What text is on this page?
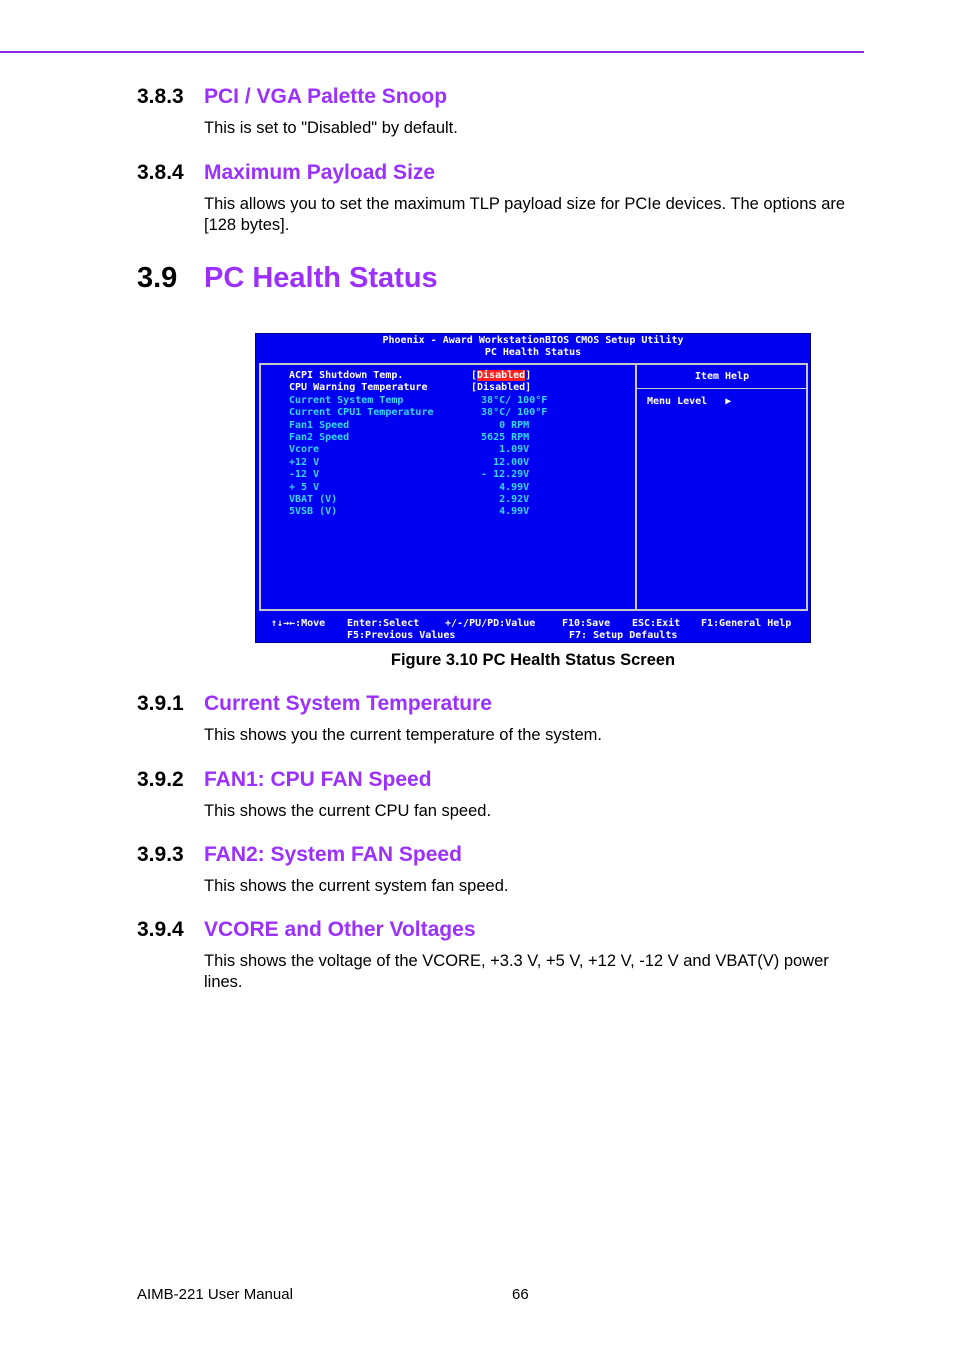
3.8.3 PCI / VGA Palette Snoop
This is set to "Disabled" by default.
3.8.4 Maximum Payload Size
This allows you to set the maximum TLP payload size for PCIe devices. The options are [128 bytes].
3.9 PC Health Status
Phoenix - Award WorkstationBIOS CMOS Setup Utility
PC Health Status
Item Help
Menu Level ▶
ACPI Shutdown Temp.	[Disabled]
CPU Warning Temperature	[Disabled]
Current System Temp	38°C/ 100°F
Current CPU1 Temperature	38°C/ 100°F
Fan1 Speed	0 RPM
Fan2 Speed	5625 RPM
Vcore	1.09V
+12 V	12.00V
-12 V	- 12.29V
+ 5 V	4.99V
VBAT (V)	2.92V
5VSB (V)	4.99V
↑↓→←:Move Enter:Select	+/-/PU/PD:Value	F10:Save ESC:Exit F1:General Help
F5:Previous Values	F7: Setup Defaults
Figure 3.10 PC Health Status Screen
3.9.1 Current System Temperature
This shows you the current temperature of the system.
3.9.2 FAN1: CPU FAN Speed
This shows the current CPU fan speed.
3.9.3 FAN2: System FAN Speed
This shows the current system fan speed.
3.9.4 VCORE and Other Voltages
This shows the voltage of the VCORE, +3.3 V, +5 V, +12 V, -12 V and VBAT(V) power lines.
AIMB-221 User Manual	66
